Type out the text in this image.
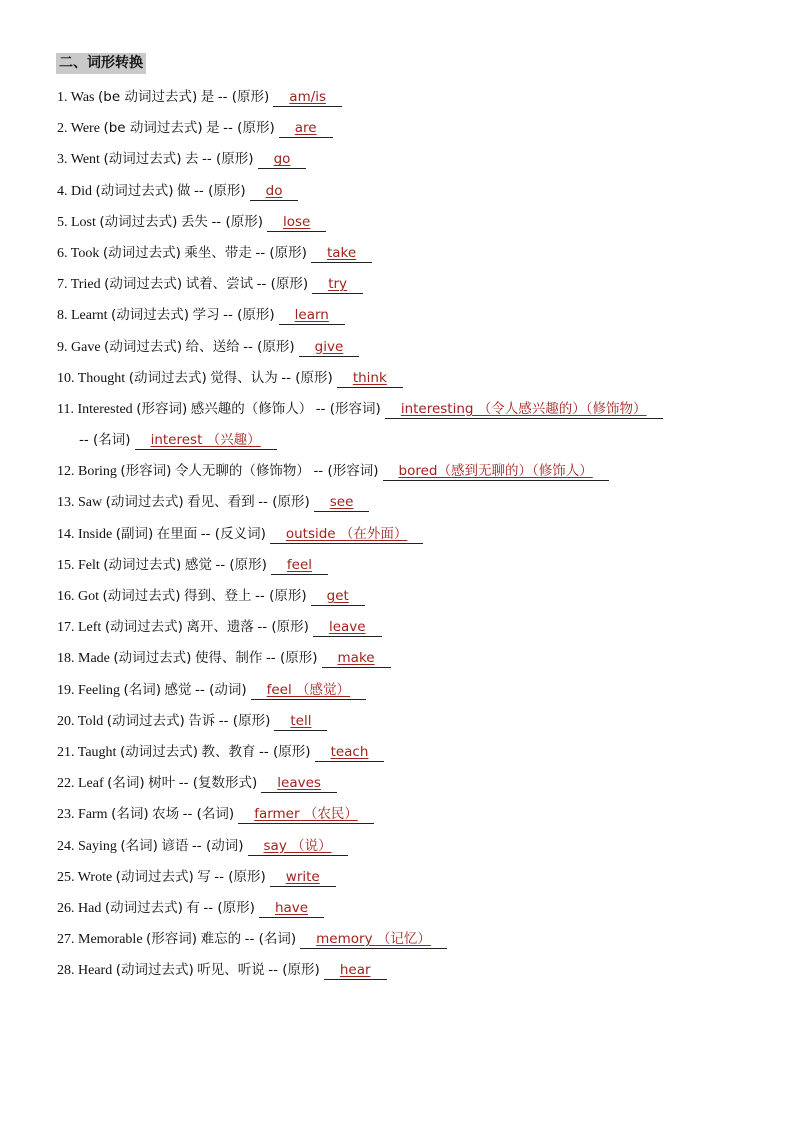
二、词形转换
1. Was (be 动词过去式) 是 -- (原形) am/is
2. Were (be 动词过去式) 是 -- (原形) are
3. Went (动词过去式) 去 -- (原形) go
4. Did (动词过去式) 做 -- (原形) do
5. Lost (动词过去式) 丢失 -- (原形) lose
6. Took (动词过去式) 乘坐、带走 -- (原形) take
7. Tried (动词过去式) 试着、尝试 -- (原形) try
8. Learnt (动词过去式) 学习 -- (原形) learn
9. Gave (动词过去式) 给、送给 -- (原形) give
10. Thought (动词过去式) 觉得、认为 -- (原形) think
11. Interested (形容词) 感兴趣的（修饰人） -- (形容词) interesting （令人感兴趣的）（修饰物）
-- (名词) interest （兴趣）
12. Boring (形容词) 令人无聊的（修饰物） -- (形容词) bored（感到无聊的）（修饰人）
13. Saw (动词过去式) 看见、看到 -- (原形) see
14. Inside (副词) 在里面 -- (反义词) outside （在外面）
15. Felt (动词过去式) 感觉 -- (原形) feel
16. Got (动词过去式) 得到、登上 -- (原形) get
17. Left (动词过去式) 离开、遗落 -- (原形) leave
18. Made (动词过去式) 使得、制作 -- (原形) make
19. Feeling (名词) 感觉 -- (动词) feel （感觉）
20. Told (动词过去式) 告诉 -- (原形) tell
21. Taught (动词过去式) 教、教育 -- (原形) teach
22. Leaf (名词) 树叶 -- (复数形式) leaves
23. Farm (名词) 农场 -- (名词) farmer （农民）
24. Saying (名词) 谚语 -- (动词) say （说）
25. Wrote (动词过去式) 写 -- (原形) write
26. Had (动词过去式) 有 -- (原形) have
27. Memorable (形容词) 难忘的 -- (名词) memory （记忆）
28. Heard (动词过去式) 听见、听说 -- (原形) hear
